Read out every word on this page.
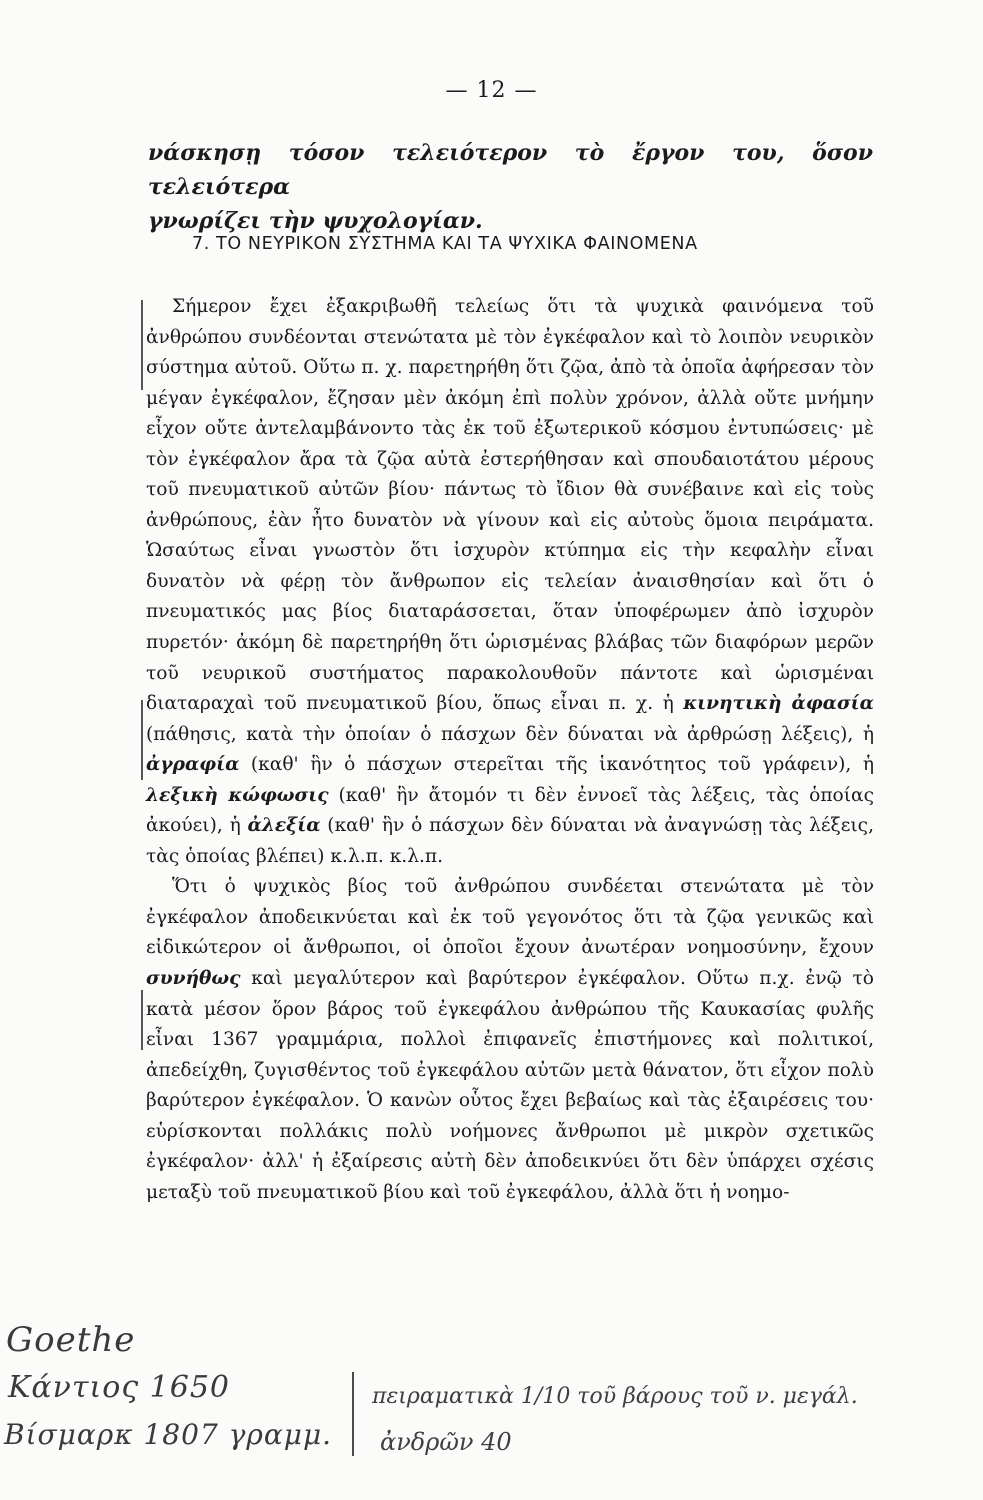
— 12 —

νάσκησῃ τόσον τελειότερον τὸ ἔργον του, ὅσον τελειότερα

γνωρίζει τὴν ψυχολογίαν.

7. ΤΟ ΝΕΥΡΙΚΟΝ ΣΥΣΤΗΜΑ ΚΑΙ ΤΑ ΨΥΧΙΚΑ ΦΑΙΝΟΜΕΝΑ

Σήμερον ἔχει ἐξακριβωθῆ τελείως ὅτι τὰ ψυχικὰ φαινόμενα τοῦ ἀνθρώπου συνδέονται στενώτατα μὲ τὸν ἐγκέφαλον καὶ τὸ λοιπὸν νευρικὸν σύστημα αὐτοῦ. Οὕτω π. χ. παρετηρήθη ὅτι ζῷα, ἀπὸ τὰ ὁποῖα ἀφήρεσαν τὸν μέγαν ἐγκέφαλον, ἔζησαν μὲν ἀκόμη ἐπὶ πολὺν χρόνον, ἀλλὰ οὔτε μνήμην εἶχον οὔτε ἀντελαμβάνοντο τὰς ἐκ τοῦ ἐξωτερικοῦ κόσμου ἐντυπώσεις· μὲ τὸν ἐγκέφαλον ἄρα τὰ ζῷα αὐτὰ ἐστερήθησαν καὶ σπουδαιοτάτου μέρους τοῦ πνευματικοῦ αὐτῶν βίου· πάντως τὸ ἴδιον θὰ συνέβαινε καὶ εἰς τοὺς ἀνθρώπους, ἐὰν ἦτο δυνατὸν νὰ γίνουν καὶ εἰς αὐτοὺς ὅμοια πειράματα. Ὡσαύτως εἶναι γνωστὸν ὅτι ἰσχυρὸν κτύπημα εἰς τὴν κεφαλὴν εἶναι δυνατὸν νὰ φέρῃ τὸν ἄνθρωπον εἰς τελείαν ἀναισθησίαν καὶ ὅτι ὁ πνευματικός μας βίος διαταράσσεται, ὅταν ὑποφέρωμεν ἀπὸ ἰσχυρὸν πυρετόν· ἀκόμη δὲ παρετηρήθη ὅτι ὡρισμένας βλάβας τῶν διαφόρων μερῶν τοῦ νευρικοῦ συστήματος παρακολουθοῦν πάντοτε καὶ ὡρισμέναι διαταραχαὶ τοῦ πνευματικοῦ βίου, ὅπως εἶναι π. χ. ἡ κινητικὴ ἀφασία (πάθησις, κατὰ τὴν ὁποίαν ὁ πάσχων δὲν δύναται νὰ ἀρθρώσῃ λέξεις), ἡ ἀγραφία (καθ' ἣν ὁ πάσχων στερεῖται τῆς ἱκανότητος τοῦ γράφειν), ἡ λεξικὴ κώφωσις (καθ' ἣν ἄτομόν τι δὲν ἐννοεῖ τὰς λέξεις, τὰς ὁποίας ἀκούει), ἡ ἀλεξία (καθ' ἣν ὁ πάσχων δὲν δύναται νὰ ἀναγνώσῃ τὰς λέξεις, τὰς ὁποίας βλέπει) κ.λ.π. κ.λ.π.

Ὅτι ὁ ψυχικὸς βίος τοῦ ἀνθρώπου συνδέεται στενώτατα μὲ τὸν ἐγκέφαλον ἀποδεικνύεται καὶ ἐκ τοῦ γεγονότος ὅτι τὰ ζῷα γενικῶς καὶ εἰδικώτερον οἱ ἄνθρωποι, οἱ ὁποῖοι ἔχουν ἀνωτέραν νοημοσύνην, ἔχουν συνήθως καὶ μεγαλύτερον καὶ βαρύτερον ἐγκέφαλον. Οὕτω π.χ. ἐνῷ τὸ κατὰ μέσον ὅρον βάρος τοῦ ἐγκεφάλου ἀνθρώπου τῆς Καυκασίας φυλῆς εἶναι 1367 γραμμάρια, πολλοὶ ἐπιφανεῖς ἐπιστήμονες καὶ πολιτικοί, ἀπεδείχθη, ζυγισθέντος τοῦ ἐγκεφάλου αὐτῶν μετὰ θάνατον, ὅτι εἶχον πολὺ βαρύτερον ἐγκέφαλον. Ὁ κανὼν οὗτος ἔχει βεβαίως καὶ τὰς ἐξαιρέσεις του· εὑρίσκονται πολλάκις πολὺ νοήμονες ἄνθρωποι μὲ μικρὸν σχετικῶς ἐγκέφαλον· ἀλλ' ἡ ἐξαίρεσις αὐτὴ δὲν ἀποδεικνύει ὅτι δὲν ὑπάρχει σχέσις μεταξὺ τοῦ πνευματικοῦ βίου καὶ τοῦ ἐγκεφάλου, ἀλλὰ ὅτι ἡ νοημο-

Goethe
Κάντιος 1650
Βίσμαρκ 1807 γραμμ.
πειραματικὰ 1/10 τοῦ βάρους τοῦ ν. μεγάλ.
ἀνδρῶν 40
